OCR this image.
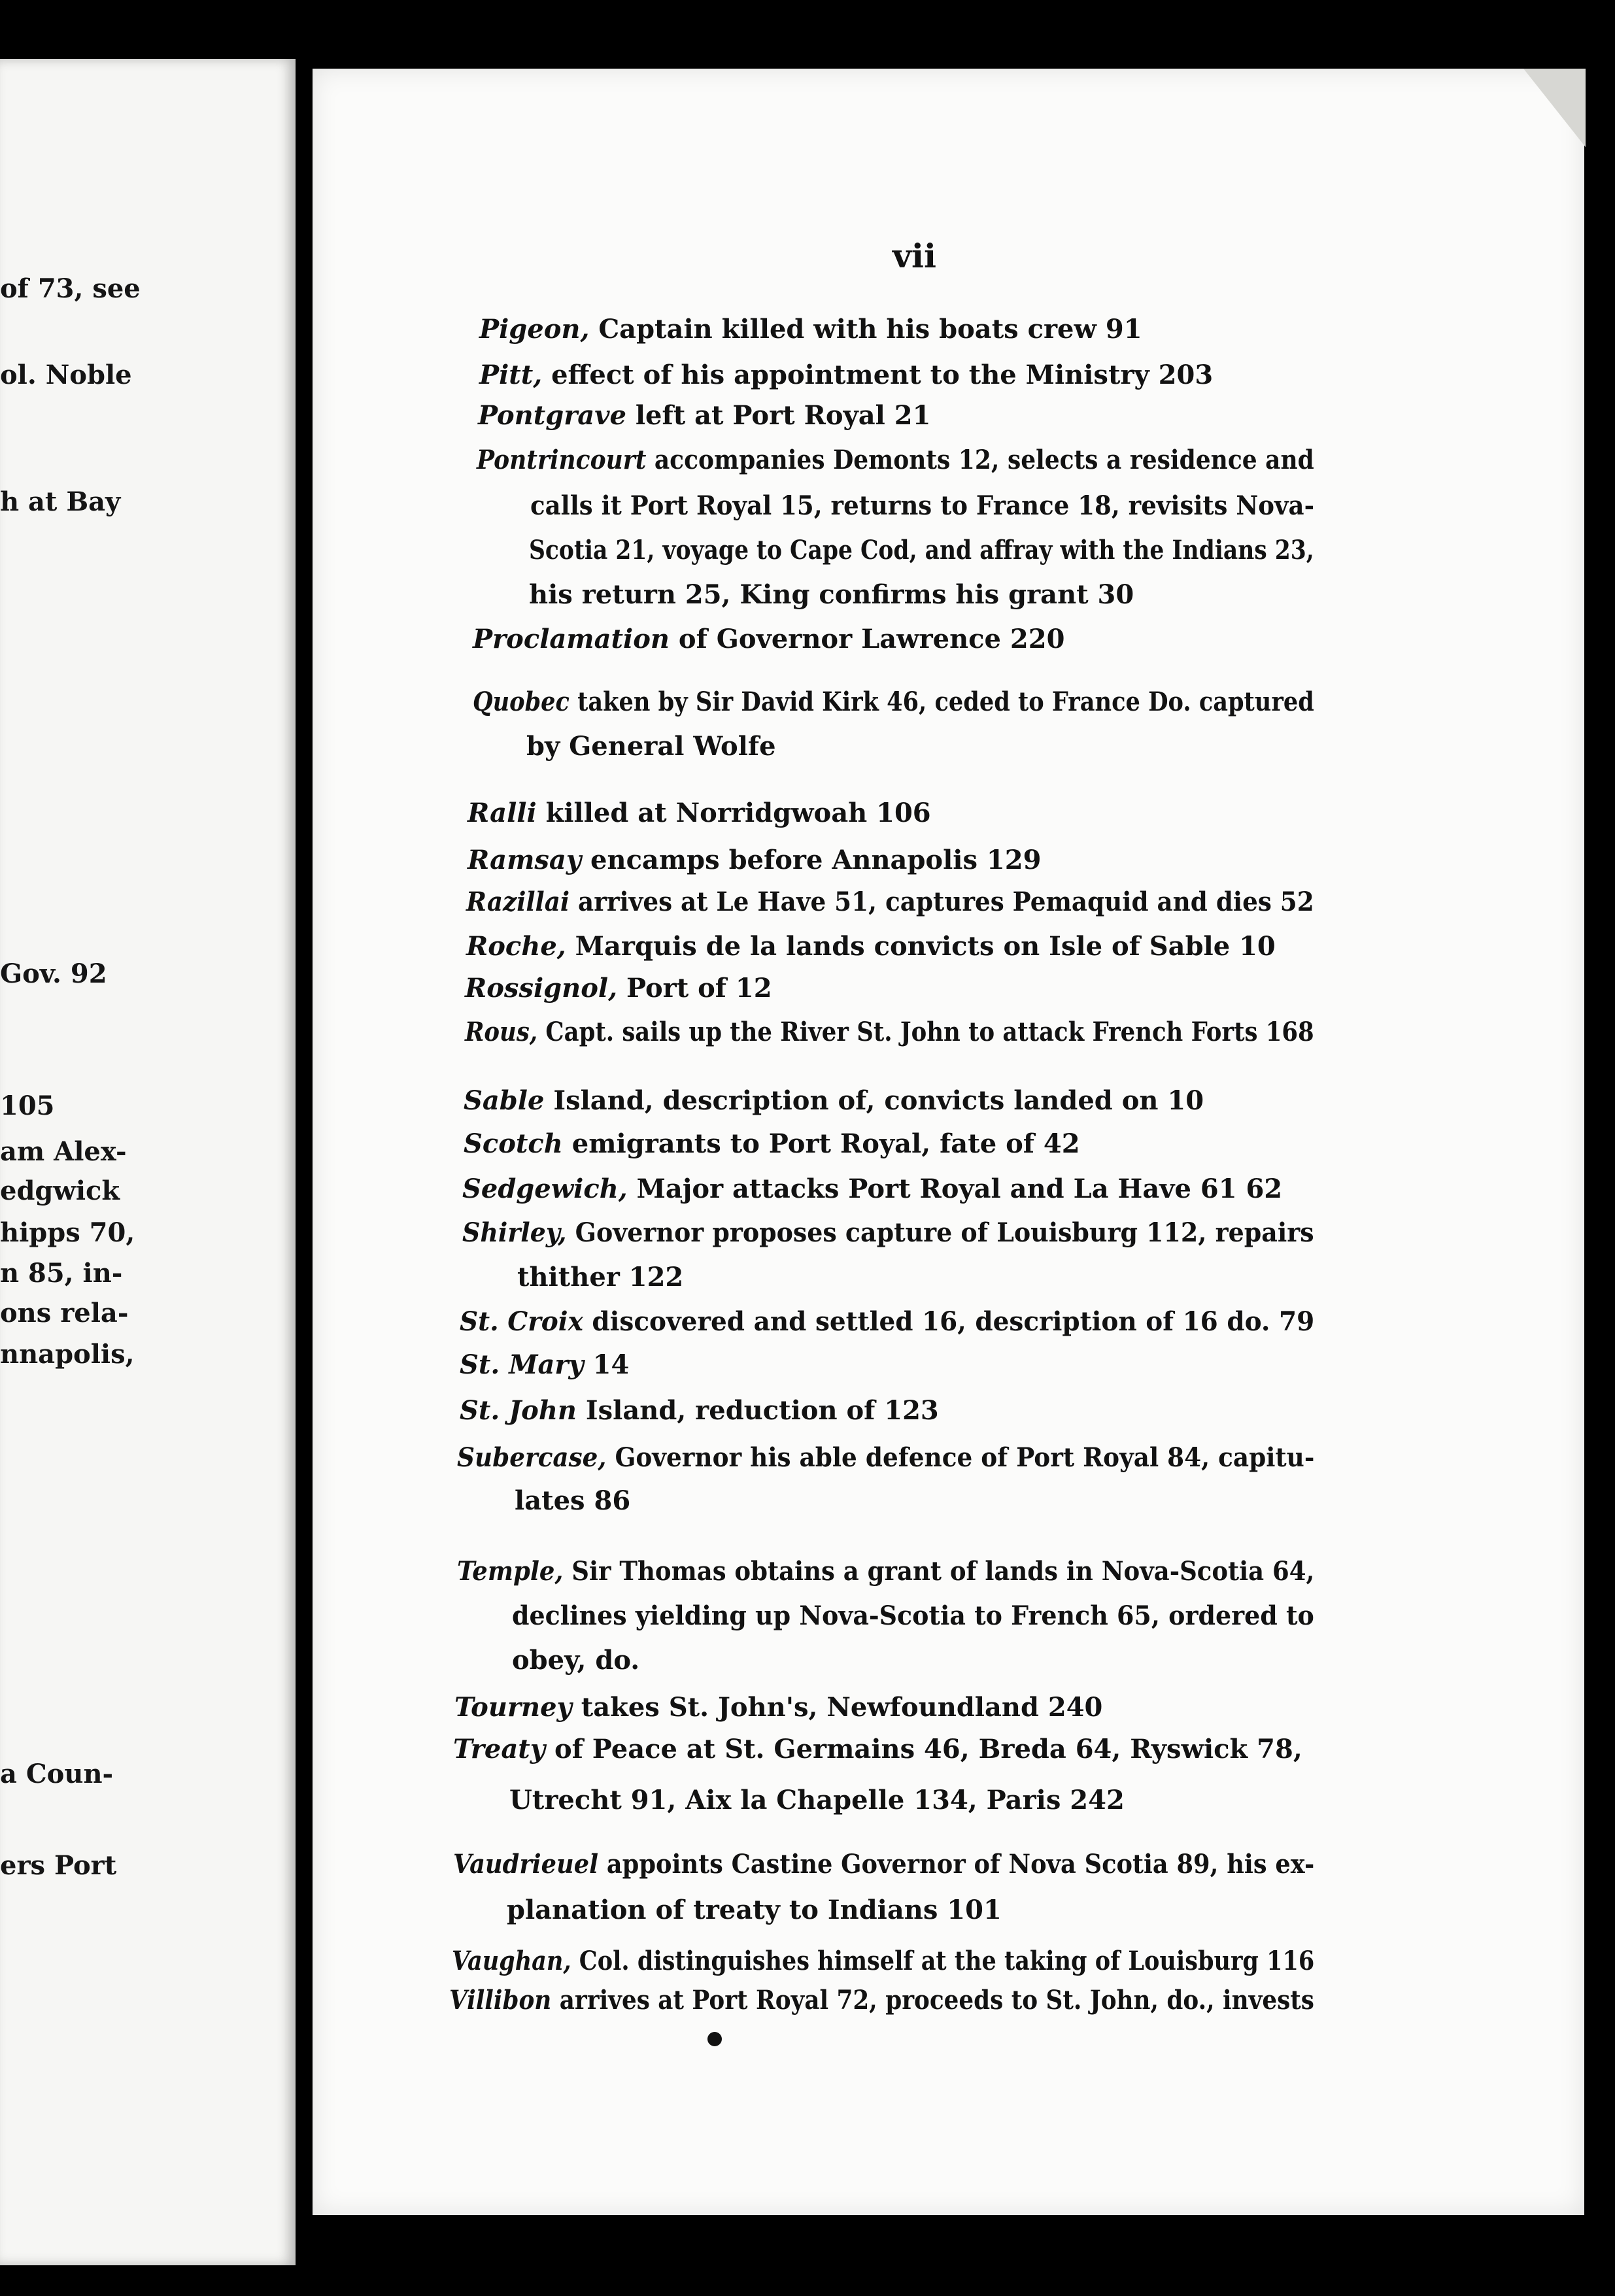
of 73, see
ol. Noble
h at Bay
Gov. 92
105
am Alex-
edgwick
hipps 70,
n 85, in-
ons rela-
nnapolis,
a Coun-
ers Port
vii
Pigeon, Captain killed with his boats crew 91
Pitt, effect of his appointment to the Ministry 203
Pontgrave left at Port Royal 21
Pontrincourt accompanies Demonts 12, selects a residence and
calls it Port Royal 15, returns to France 18, revisits Nova-
Scotia 21, voyage to Cape Cod, and affray with the Indians 23,
his return 25, King confirms his grant 30
Proclamation of Governor Lawrence 220
Quobec taken by Sir David Kirk 46, ceded to France Do. captured
by General Wolfe
Ralli killed at Norridgwoah 106
Ramsay encamps before Annapolis 129
Razillai arrives at Le Have 51, captures Pemaquid and dies 52
Roche, Marquis de la lands convicts on Isle of Sable 10
Rossignol, Port of 12
Rous, Capt. sails up the River St. John to attack French Forts 168
Sable Island, description of, convicts landed on 10
Scotch emigrants to Port Royal, fate of 42
Sedgewich, Major attacks Port Royal and La Have 61 62
Shirley, Governor proposes capture of Louisburg 112, repairs
thither 122
St. Croix discovered and settled 16, description of 16 do. 79
St. Mary 14
St. John Island, reduction of 123
Subercase, Governor his able defence of Port Royal 84, capitu-
lates 86
Temple, Sir Thomas obtains a grant of lands in Nova-Scotia 64,
declines yielding up Nova-Scotia to French 65, ordered to
obey, do.
Tourney takes St. John's, Newfoundland 240
Treaty of Peace at St. Germains 46, Breda 64, Ryswick 78,
Utrecht 91, Aix la Chapelle 134, Paris 242
Vaudrieuel appoints Castine Governor of Nova Scotia 89, his ex-
planation of treaty to Indians 101
Vaughan, Col. distinguishes himself at the taking of Louisburg 116
Villibon arrives at Port Royal 72, proceeds to St. John, do., invests
